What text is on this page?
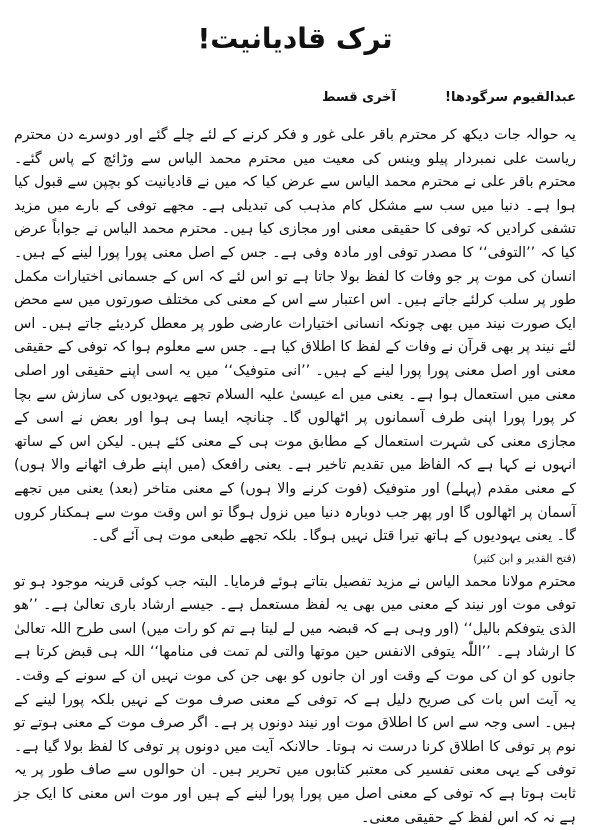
ترک قادیانیت!
عبدالقیوم سرگودھا!
آخری قسط

یہ حوالہ جات دیکھ کر محترم باقر علی غور و فکر کرنے کے لئے چلے گئے اور دوسرے دن محترم ریاست علی نمبردار پیلو وینس کی معیت میں محترم محمد الیاس سے وڑائچ کے پاس گئے۔ محترم باقر علی نے محترم محمد الیاس سے عرض کیا کہ میں نے قادیانیت کو بچپن سے قبول کیا ہوا ہے۔ دنیا میں سب سے مشکل کام مذہب کی تبدیلی ہے۔ مجھے توفی کے بارے میں مزید تشفی کرادیں کہ توفی کا حقیقی معنی اور مجازی کیا ہیں۔ محترم محمد الیاس نے جواباً عرض کیا کہ ’’التوفی‘‘ کا مصدر توفی اور مادہ وفی ہے۔ جس کے اصل معنی پورا پورا لینے کے ہیں۔ انسان کی موت پر جو وفات کا لفظ بولا جاتا ہے تو اس لئے کہ اس کے جسمانی اختیارات مکمل طور پر سلب کرلئے جاتے ہیں۔ اس اعتبار سے اس کے معنی کی مختلف صورتوں میں سے محض ایک صورت نیند میں بھی چونکہ انسانی اختیارات عارضی طور پر معطل کردیئے جاتے ہیں۔ اس لئے نیند پر بھی قرآن نے وفات کے لفظ کا اطلاق کیا ہے۔ جس سے معلوم ہوا کہ توفی کے حقیقی معنی اور اصل معنی پورا پورا لینے کے ہیں۔ ’’انی متوفیک‘‘ میں یہ اسی اپنے حقیقی اور اصلی معنی میں استعمال ہوا ہے۔ یعنی میں اے عیسیٰ علیہ السلام تجھے یہودیوں کی سازش سے بچا کر پورا پورا اپنی طرف آسمانوں پر اٹھالوں گا۔ چنانچہ ایسا ہی ہوا اور بعض نے اسی کے مجازی معنی کی شہرت استعمال کے مطابق موت ہی کے معنی کئے ہیں۔ لیکن اس کے ساتھ انہوں نے کہا ہے کہ الفاظ میں تقدیم تاخیر ہے۔ یعنی رافعک (میں اپنے طرف اٹھانے والا ہوں) کے معنی مقدم (پہلے) اور متوفیک (فوت کرنے والا ہوں) کے معنی متاخر (بعد) یعنی میں تجھے آسمان پر اٹھالوں گا اور پھر جب دوبارہ دنیا میں نزول ہوگا تو اس وقت موت سے ہمکنار کروں گا۔ یعنی یہودیوں کے ہاتھ تیرا قتل نہیں ہوگا۔ بلکہ تجھے طبعی موت ہی آئے گی۔

(فتح القدیر و ابن کثیر)

محترم مولانا محمد الیاس نے مزید تفصیل بتاتے ہوئے فرمایا۔ البتہ جب کوئی قرینہ موجود ہو تو توفی موت اور نیند کے معنی میں بھی یہ لفظ مستعمل ہے۔ جیسے ارشاد باری تعالیٰ ہے۔ ’’ھو الذی یتوفکم بالیل‘‘ (اور وہی ہے کہ قبضہ میں لے لیتا ہے تم کو رات میں) اسی طرح اللہ تعالیٰ کا ارشاد ہے۔ ’’اللّٰہ یتوفی الانفس حین موتھا والتی لم تمت فی منامھا‘‘ اللہ ہی قبض کرتا ہے جانوں کو ان کی موت کے وقت اور ان جانوں کو بھی جن کی موت نہیں ان کے سونے کے وقت۔ یہ آیت اس بات کی صریح دلیل ہے کہ توفی کے معنی صرف موت کے نہیں بلکہ پورا لینے کے ہیں۔ اسی وجہ سے اس کا اطلاق موت اور نیند دونوں پر ہے۔ اگر صرف موت کے معنی ہوتے تو نوم پر توفی کا اطلاق کرنا درست نہ ہوتا۔ حالانکہ آیت میں دونوں پر توفی کا لفظ بولا گیا ہے۔ توفی کے یہی معنی تفسیر کی معتبر کتابوں میں تحریر ہیں۔ ان حوالوں سے صاف طور پر یہ ثابت ہوتا ہے کہ توفی کے معنی اصل میں پورا پورا لینے کے ہیں اور موت اس معنی کا ایک جز ہے نہ کہ اس لفظ کے حقیقی معنی۔
